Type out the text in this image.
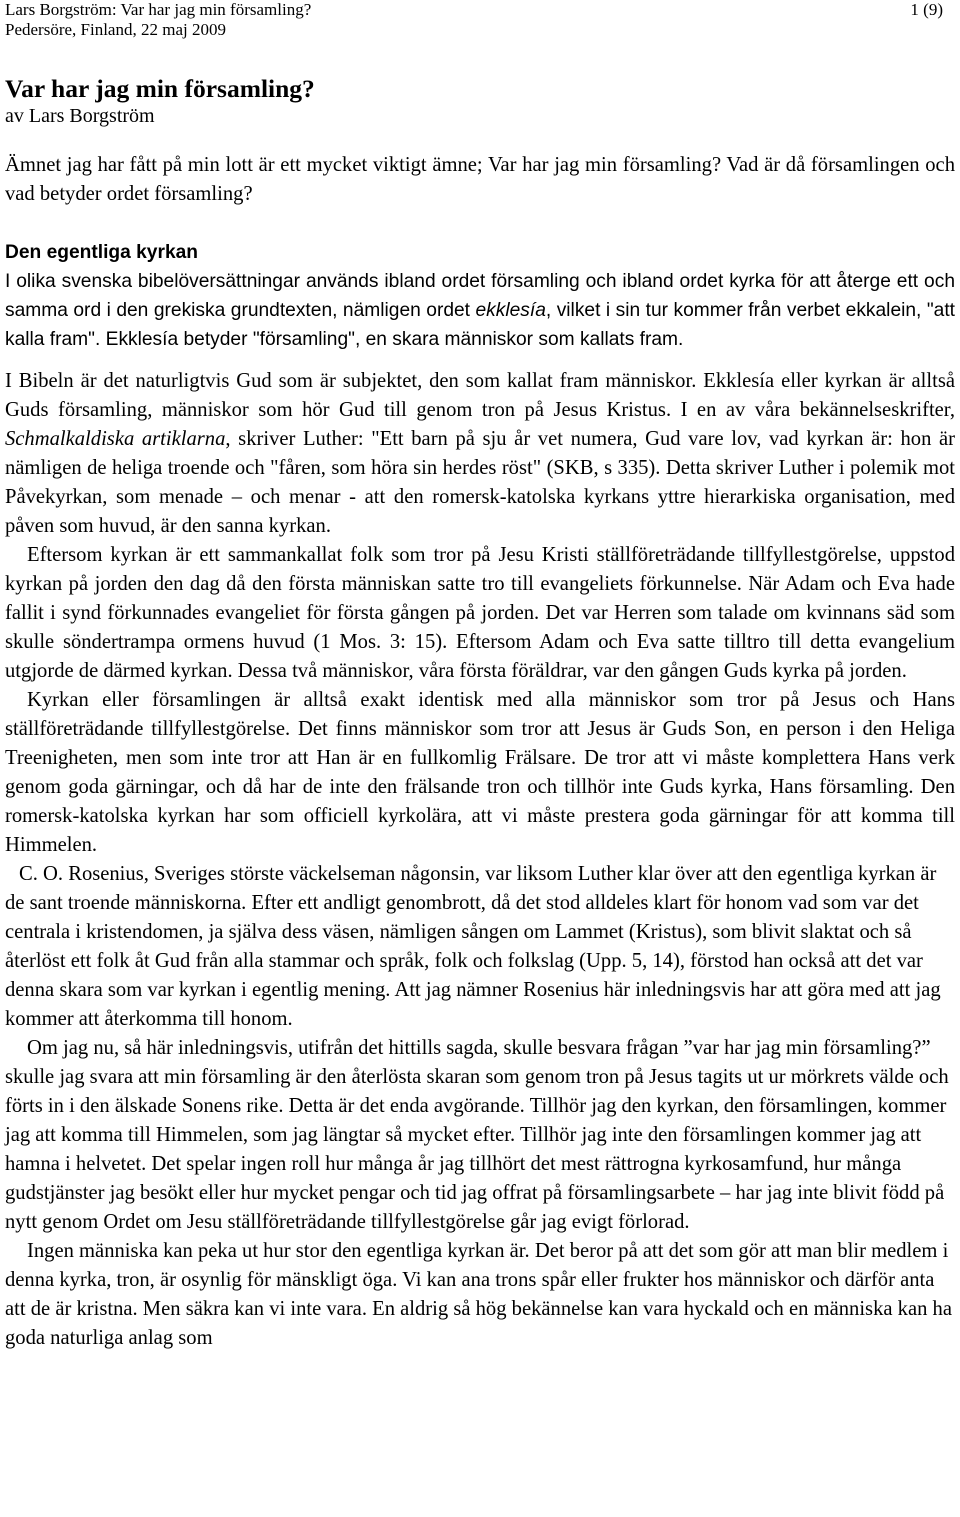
Lars Borgström: Var har jag min församling?	1 (9)
Pedersöre, Finland, 22 maj 2009
Var har jag min församling?
av Lars Borgström

Ämnet jag har fått på min lott är ett mycket viktigt ämne; Var har jag min församling? Vad är då församlingen och vad betyder ordet församling?

Den egentliga kyrkan

I olika svenska bibelöversättningar används ibland ordet församling och ibland ordet kyrka för att återge ett och samma ord i den grekiska grundtexten, nämligen ordet ekklesía, vilket i sin tur kommer från verbet ekkalein, "att kalla fram". Ekklesía betyder "församling", en skara människor som kallats fram.

I Bibeln är det naturligtvis Gud som är subjektet, den som kallat fram människor. Ekklesía eller kyrkan är alltså Guds församling, människor som hör Gud till genom tron på Jesus Kristus. I en av våra bekännelseskrifter, Schmalkaldiska artiklarna, skriver Luther: "Ett barn på sju år vet numera, Gud vare lov, vad kyrkan är: hon är nämligen de heliga troende och "fåren, som höra sin herdes röst" (SKB, s 335). Detta skriver Luther i polemik mot Påvekyrkan, som menade – och menar - att den romersk-katolska kyrkans yttre hierarkiska organisation, med påven som huvud, är den sanna kyrkan.

Eftersom kyrkan är ett sammankallat folk som tror på Jesu Kristi ställföreträdande tillfyllestgörelse, uppstod kyrkan på jorden den dag då den första människan satte tro till evangeliets förkunnelse. När Adam och Eva hade fallit i synd förkunnades evangeliet för första gången på jorden. Det var Herren som talade om kvinnans säd som skulle söndertrampa ormens huvud (1 Mos. 3: 15). Eftersom Adam och Eva satte tilltro till detta evangelium utgjorde de därmed kyrkan. Dessa två människor, våra första föräldrar, var den gången Guds kyrka på jorden.

Kyrkan eller församlingen är alltså exakt identisk med alla människor som tror på Jesus och Hans ställföreträdande tillfyllestgörelse. Det finns människor som tror att Jesus är Guds Son, en person i den Heliga Treenigheten, men som inte tror att Han är en fullkomlig Frälsare. De tror att vi måste komplettera Hans verk genom goda gärningar, och då har de inte den frälsande tron och tillhör inte Guds kyrka, Hans församling. Den romersk-katolska kyrkan har som officiell kyrkolära, att vi måste prestera goda gärningar för att komma till Himmelen.

C. O. Rosenius, Sveriges störste väckelseman någonsin, var liksom Luther klar över att den egentliga kyrkan är de sant troende människorna. Efter ett andligt genombrott, då det stod alldeles klart för honom vad som var det centrala i kristendomen, ja själva dess väsen, nämligen sången om Lammet (Kristus), som blivit slaktat och så återlöst ett folk åt Gud från alla stammar och språk, folk och folkslag (Upp. 5, 14), förstod han också att det var denna skara som var kyrkan i egentlig mening. Att jag nämner Rosenius här inledningsvis har att göra med att jag kommer att återkomma till honom.

Om jag nu, så här inledningsvis, utifrån det hittills sagda, skulle besvara frågan ”var har jag min församling?” skulle jag svara att min församling är den återlösta skaran som genom tron på Jesus tagits ut ur mörkrets välde och förts in i den älskade Sonens rike. Detta är det enda avgörande. Tillhör jag den kyrkan, den församlingen, kommer jag att komma till Himmelen, som jag längtar så mycket efter. Tillhör jag inte den församlingen kommer jag att hamna i helvetet. Det spelar ingen roll hur många år jag tillhört det mest rättrogna kyrkosamfund, hur många gudstjänster jag besökt eller hur mycket pengar och tid jag offrat på församlingsarbete – har jag inte blivit född på nytt genom Ordet om Jesu ställföreträdande tillfyllestgörelse går jag evigt förlorad.

Ingen människa kan peka ut hur stor den egentliga kyrkan är. Det beror på att det som gör att man blir medlem i denna kyrka, tron, är osynlig för mänskligt öga. Vi kan ana trons spår eller frukter hos människor och därför anta att de är kristna. Men säkra kan vi inte vara. En aldrig så hög bekännelse kan vara hyckald och en människa kan ha goda naturliga anlag som
